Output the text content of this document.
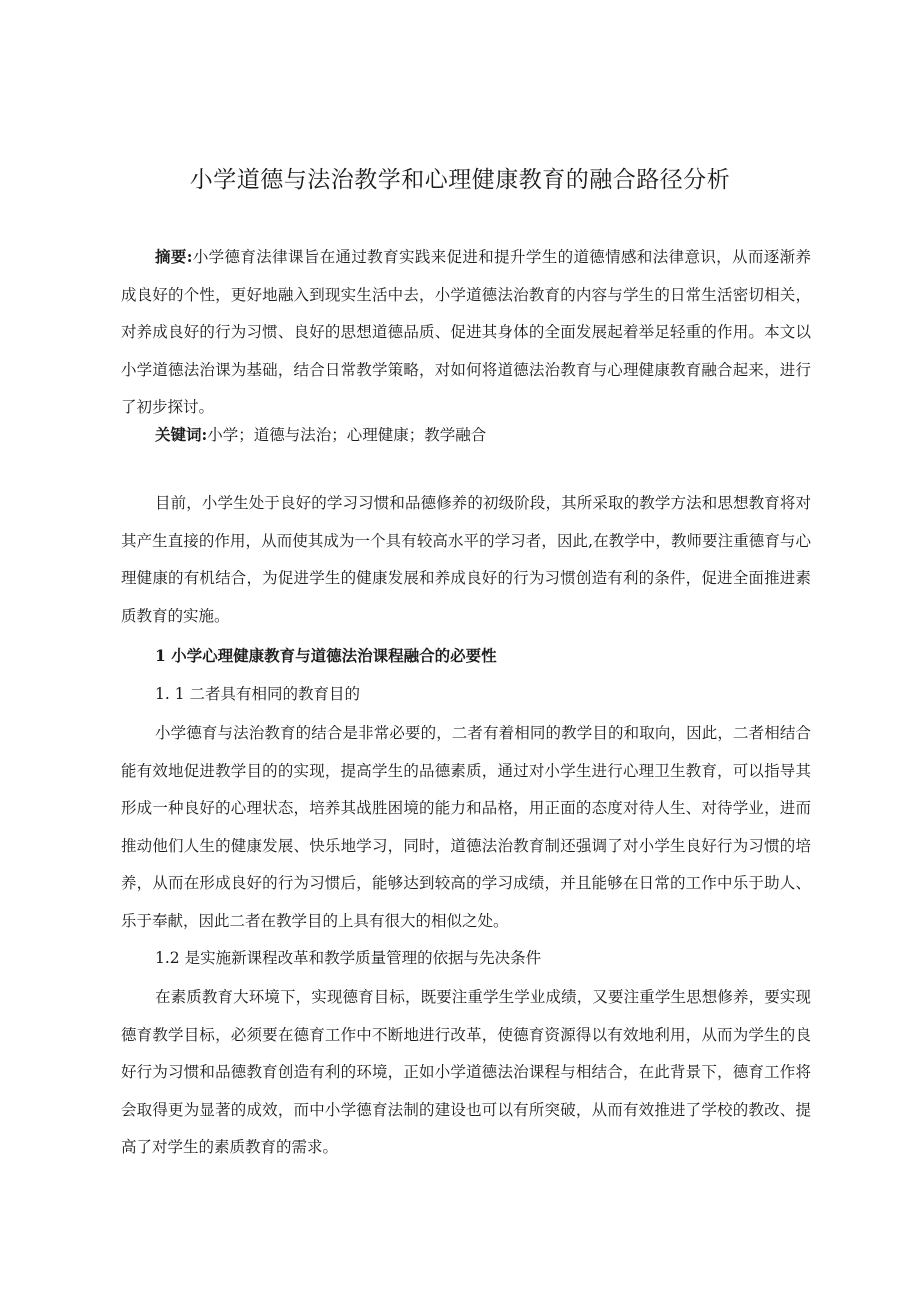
小学道德与法治教学和心理健康教育的融合路径分析

摘要:小学德育法律课旨在通过教育实践来促进和提升学生的道德情感和法律意识，从而逐渐养成良好的个性，更好地融入到现实生活中去，小学道德法治教育的内容与学生的日常生活密切相关，对养成良好的行为习惯、良好的思想道德品质、促进其身体的全面发展起着举足轻重的作用。本文以小学道德法治课为基础，结合日常教学策略，对如何将道德法治教育与心理健康教育融合起来，进行了初步探讨。

关键词:小学；道德与法治；心理健康；教学融合

目前，小学生处于良好的学习习惯和品德修养的初级阶段，其所采取的教学方法和思想教育将对其产生直接的作用，从而使其成为一个具有较高水平的学习者，因此,在教学中，教师要注重德育与心理健康的有机结合，为促进学生的健康发展和养成良好的行为习惯创造有利的条件，促进全面推进素质教育的实施。

1 小学心理健康教育与道德法治课程融合的必要性

1. 1 二者具有相同的教育目的

小学德育与法治教育的结合是非常必要的，二者有着相同的教学目的和取向，因此，二者相结合能有效地促进教学目的的实现，提高学生的品德素质，通过对小学生进行心理卫生教育，可以指导其形成一种良好的心理状态，培养其战胜困境的能力和品格，用正面的态度对待人生、对待学业，进而推动他们人生的健康发展、快乐地学习，同时，道德法治教育制还强调了对小学生良好行为习惯的培养，从而在形成良好的行为习惯后，能够达到较高的学习成绩，并且能够在日常的工作中乐于助人、乐于奉献，因此二者在教学目的上具有很大的相似之处。

1.2 是实施新课程改革和教学质量管理的依据与先决条件

在素质教育大环境下，实现德育目标，既要注重学生学业成绩，又要注重学生思想修养，要实现德育教学目标，必须要在德育工作中不断地进行改革，使德育资源得以有效地利用，从而为学生的良好行为习惯和品德教育创造有利的环境，正如小学道德法治课程与相结合，在此背景下，德育工作将会取得更为显著的成效，而中小学德育法制的建设也可以有所突破，从而有效推进了学校的教改、提高了对学生的素质教育的需求。
